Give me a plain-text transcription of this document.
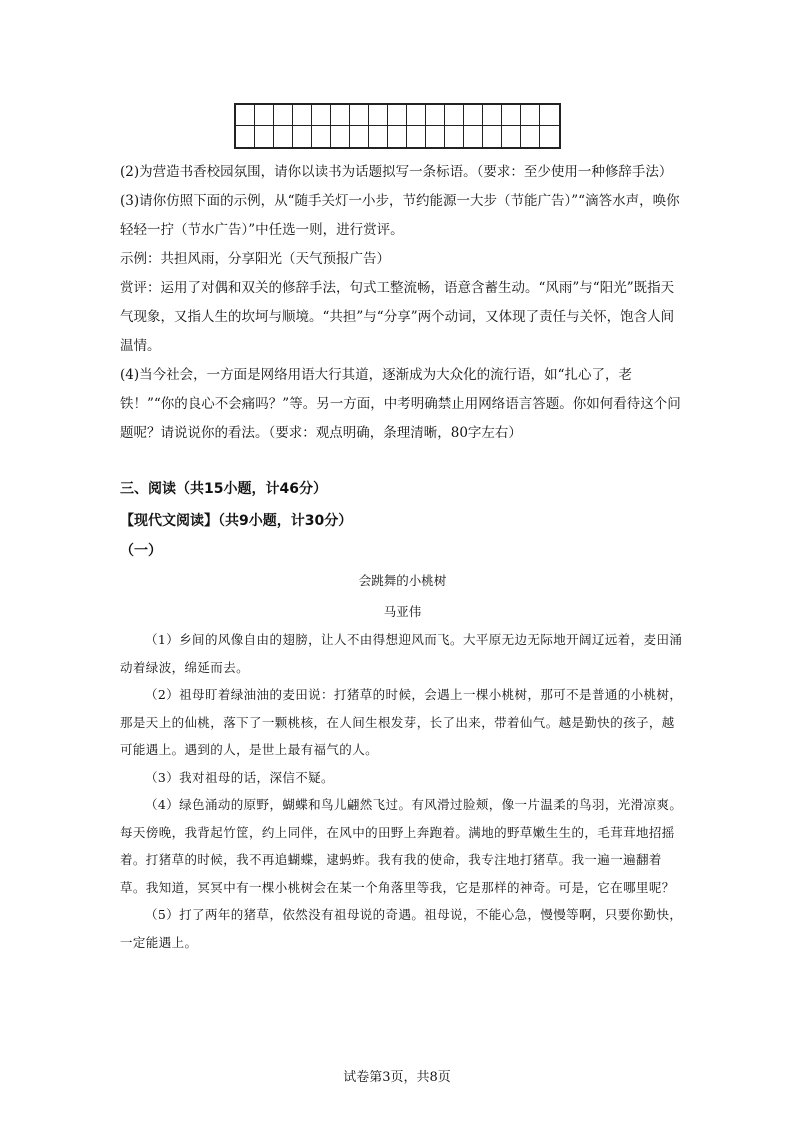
(2)为营造书香校园氛围，请你以读书为话题拟写一条标语。（要求：至少使用一种修辞手法）

(3)请你仿照下面的示例，从“随手关灯一小步，节约能源一大步（节能广告）”“滴答水声，唤你轻轻一拧（节水广告）”中任选一则，进行赏评。

示例：共担风雨，分享阳光（天气预报广告）

赏评：运用了对偶和双关的修辞手法，句式工整流畅，语意含蓄生动。“风雨”与“阳光”既指天气现象，又指人生的坎坷与顺境。“共担”与“分享”两个动词，又体现了责任与关怀，饱含人间温情。

(4)当今社会，一方面是网络用语大行其道，逐渐成为大众化的流行语，如“扎心了，老铁！”“你的良心不会痛吗？”等。另一方面，中考明确禁止用网络语言答题。你如何看待这个问题呢？请说说你的看法。（要求：观点明确，条理清晰，80字左右）

三、阅读（共15小题，计46分）
【现代文阅读】（共9小题，计30分）
（一）
会跳舞的小桃树
马亚伟

（1）乡间的风像自由的翅膀，让人不由得想迎风而飞。大平原无边无际地开阔辽远着，麦田涌动着绿波，绵延而去。

（2）祖母盯着绿油油的麦田说：打猪草的时候，会遇上一棵小桃树，那可不是普通的小桃树，那是天上的仙桃，落下了一颗桃核，在人间生根发芽，长了出来，带着仙气。越是勤快的孩子，越可能遇上。遇到的人，是世上最有福气的人。

（3）我对祖母的话，深信不疑。

（4）绿色涌动的原野，蝴蝶和鸟儿翩然飞过。有风滑过脸颊，像一片温柔的鸟羽，光滑凉爽。每天傍晚，我背起竹筐，约上同伴，在风中的田野上奔跑着。满地的野草嫩生生的，毛茸茸地招摇着。打猪草的时候，我不再追蝴蝶，逮蚂蚱。我有我的使命，我专注地打猪草。我一遍一遍翻着草。我知道，冥冥中有一棵小桃树会在某一个角落里等我，它是那样的神奇。可是，它在哪里呢？

（5）打了两年的猪草，依然没有祖母说的奇遇。祖母说，不能心急，慢慢等啊，只要你勤快，一定能遇上。

试卷第3页，共8页
